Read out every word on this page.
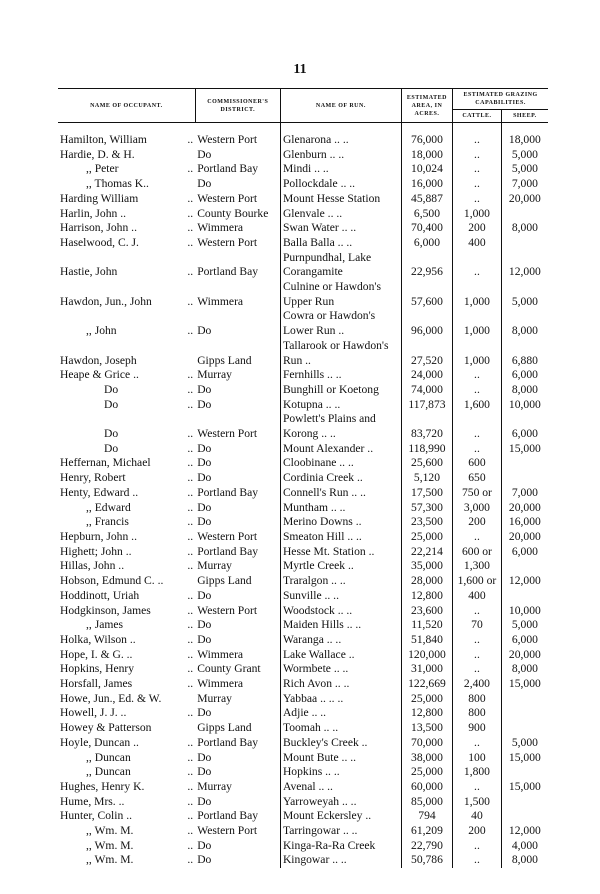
11
NAME OF OCCUPANT.	COMMISSIONER'S DISTRICT.	NAME OF RUN.	ESTIMATED AREA, IN ACRES.	ESTIMATED GRAZING CAPABILITIES.	
				CATTLE.	SHEEP.

Hamilton, William ..	Western Port	Glenarona .. ..	76,000	..	18,000

Hardie, D. & H.	Do	Glenburn .. ..	18,000	..	5,000

,, Peter ..	Portland Bay	Mindi .. ..	10,024	..	5,000

,, Thomas K..	Do	Pollockdale .. ..	16,000	..	7,000

Harding William ..	Western Port	Mount Hesse Station	45,887	..	20,000

Harlin, John .. ..	County Bourke	Glenvale .. ..	6,500	1,000	

Harrison, John .. ..	Wimmera	Swan Water .. ..	70,400	200	8,000

Haselwood, C. J. ..	Western Port	Balla Balla .. ..	6,000	400	

Hastie, John ..	Portland Bay	Purnpundhal, Lake Corangamite	22,956	..	12,000

Hawdon, Jun., John ..	Wimmera	Culnine or Hawdon's Upper Run	57,600	1,000	5,000

,, John ..	Do	Cowra or Hawdon's Lower Run ..	96,000	1,000	8,000

Hawdon, Joseph	Gipps Land	Tallarook or Hawdon's Run ..	27,520	1,000	6,880

Heape & Grice .. ..	Murray	Fernhills .. ..	24,000	..	6,000

Do ..	Do	Bunghill or Koetong	74,000	..	8,000

Do ..	Do	Kotupna .. ..	117,873	1,600	10,000

Do ..	Western Port	Powlett's Plains and Korong .. ..	83,720	..	6,000

Do ..	Do	Mount Alexander ..	118,990	..	15,000

Heffernan, Michael ..	Do	Cloobinane .. ..	25,600	600	

Henry, Robert ..	Do	Cordinia Creek ..	5,120	650	

Henty, Edward .. ..	Portland Bay	Connell's Run .. ..	17,500	750 or	7,000

,, Edward ..	Do	Muntham .. ..	57,300	3,000	20,000

,, Francis ..	Do	Merino Downs ..	23,500	200	16,000

Hepburn, John .. ..	Western Port	Smeaton Hill .. ..	25,000	..	20,000

Highett; John .. ..	Portland Bay	Hesse Mt. Station ..	22,214	600 or	6,000

Hillas, John .. ..	Murray	Myrtle Creek ..	35,000	1,300	

Hobson, Edmund C. ..	Gipps Land	Traralgon .. ..	28,000	1,600 or	12,000

Hoddinott, Uriah ..	Do	Sunville .. ..	12,800	400	

Hodgkinson, James ..	Western Port	Woodstock .. ..	23,600	..	10,000

,, James ..	Do	Maiden Hills .. ..	11,520	70	5,000

Holka, Wilson .. ..	Do	Waranga .. ..	51,840	..	6,000

Hope, I. & G. .. ..	Wimmera	Lake Wallace ..	120,000	..	20,000

Hopkins, Henry ..	County Grant	Wormbete .. ..	31,000	..	8,000

Horsfall, James ..	Wimmera	Rich Avon .. ..	122,669	2,400	15,000

Howe, Jun., Ed. & W.	Murray	Yabbaa .. .. ..	25,000	800	

Howell, J. J. .. ..	Do	Adjie .. ..	12,800	800	

Howey & Patterson	Gipps Land	Toomah .. ..	13,500	900	

Hoyle, Duncan .. ..	Portland Bay	Buckley's Creek ..	70,000	..	5,000

,, Duncan ..	Do	Mount Bute .. ..	38,000	100	15,000

,, Duncan ..	Do	Hopkins .. ..	25,000	1,800	

Hughes, Henry K. ..	Murray	Avenal .. ..	60,000	..	15,000

Hume, Mrs. .. ..	Do	Yarroweyah .. ..	85,000	1,500	

Hunter, Colin .. ..	Portland Bay	Mount Eckersley ..	794	40	

,, Wm. M. ..	Western Port	Tarringowar .. ..	61,209	200	12,000

,, Wm. M. ..	Do	Kinga-Ra-Ra Creek	22,790	..	4,000

,, Wm. M. ..	Do	Kingowar .. ..	50,786	..	8,000
